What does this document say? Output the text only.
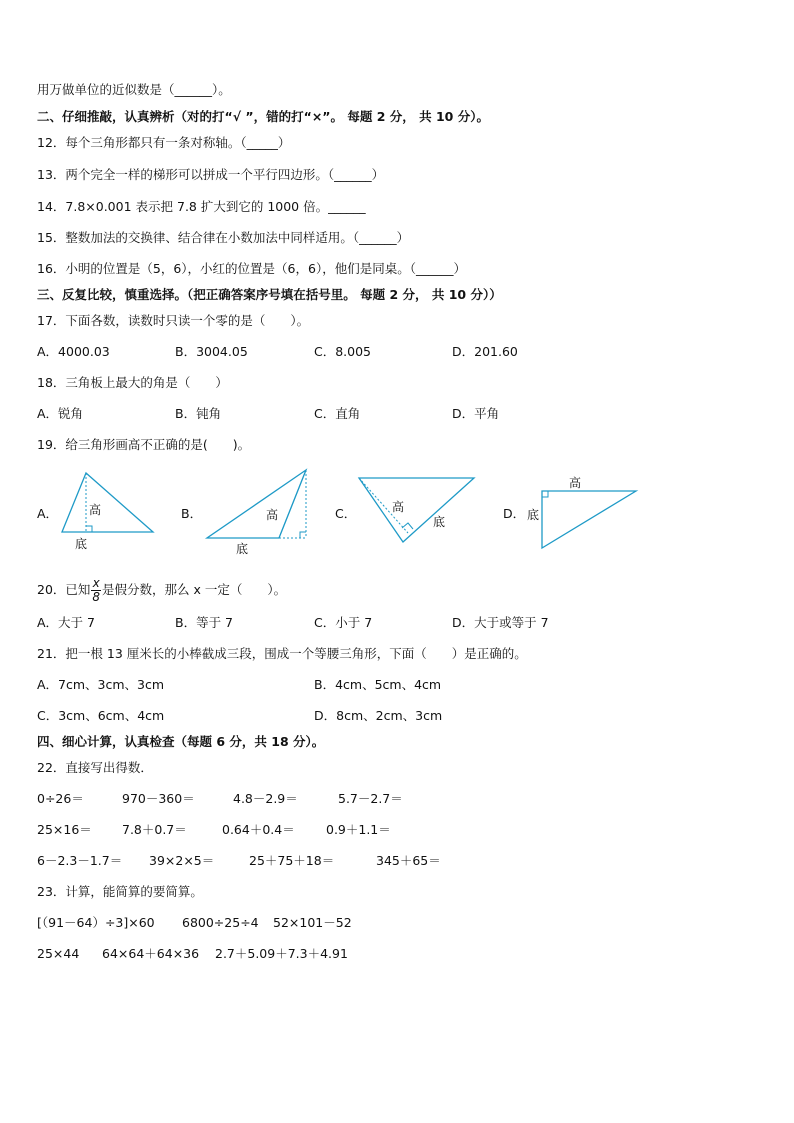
用万做单位的近似数是（______）。
二、仔细推敲，认真辨析（对的打“√ ”，错的打“×”。 每题 2 分， 共 10 分）。
12．每个三角形都只有一条对称轴。（_____）
13．两个完全一样的梯形可以拼成一个平行四边形。（______）
14．7.8×0.001 表示把 7.8 扩大到它的 1000 倍。______
15．整数加法的交换律、结合律在小数加法中同样适用。（______）
16．小明的位置是（5，6），小红的位置是（6，6），他们是同桌。（______）
三、反复比较，慎重选择。（把正确答案序号填在括号里。 每题 2 分， 共 10 分））
17．下面各数，读数时只读一个零的是（　　）。
A．4000.03	B．3004.05	C．8.005	D．201.60
18．三角板上最大的角是（　　）
A．锐角	B．钝角	C．直角	D．平角
19．给三角形画高不正确的是(　　)。
A．	B．	C．	D．
高
底
高
底
高
底
高
底
20．已知 $\frac{x}{8}$ 是假分数，那么 x 一定（　　）。
A．大于 7	B．等于 7	C．小于 7	D．大于或等于 7
21．把一根 13 厘米长的小棒截成三段，围成一个等腰三角形，下面（　　）是正确的。
A．7cm、3cm、3cm	B．4cm、5cm、4cm
C．3cm、6cm、4cm	D．8cm、2cm、3cm
四、细心计算，认真检查（每题 6 分，共 18 分）。
22．直接写出得数．
0÷26＝	970－360＝	4.8－2.9＝	5.7－2.7＝
25×16＝ 7.8＋0.7＝	0.64＋0.4＝	0.9＋1.1＝
6－2.3－1.7＝ 39×2×5＝	25＋75＋18＝	345＋65＝
23．计算，能简算的要简算。
[（91－64）÷3]×60 6800÷25÷4 52×101－52
25×44 64×64＋64×36 2.7＋5.09＋7.3＋4.91
